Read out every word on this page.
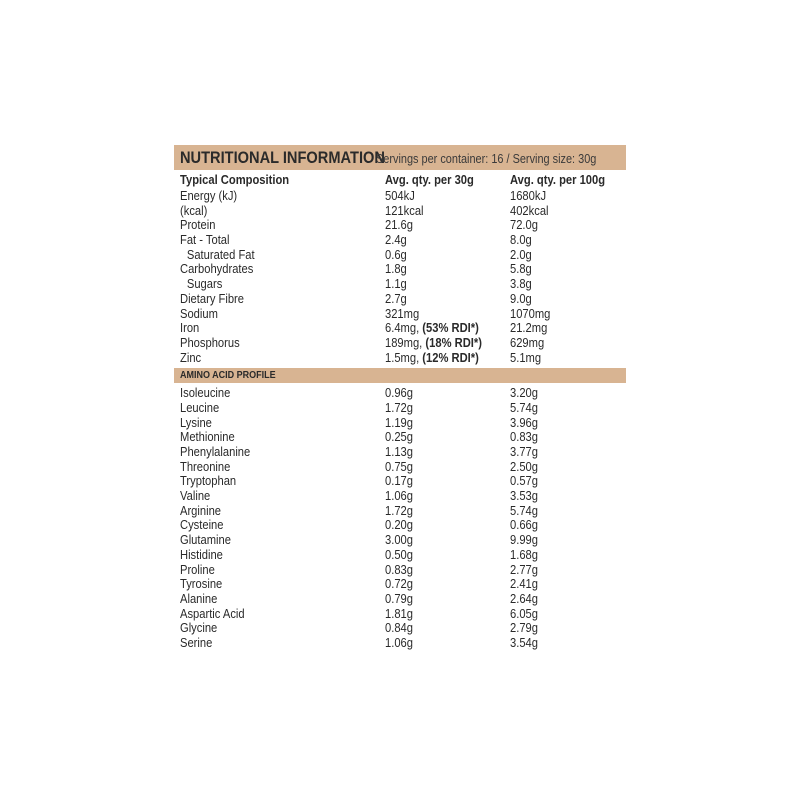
NUTRITIONAL INFORMATION
Servings per container: 16 / Serving size: 30g
Typical Composition	Avg. qty. per 30g	Avg. qty. per 100g
Energy (kJ)	504kJ	1680kJ
(kcal)	121kcal	402kcal
Protein	21.6g	72.0g
Fat - Total	2.4g	8.0g
Saturated Fat	0.6g	2.0g
Carbohydrates	1.8g	5.8g
Sugars	1.1g	3.8g
Dietary Fibre	2.7g	9.0g
Sodium	321mg	1070mg
Iron	6.4mg, (53% RDI*)	21.2mg
Phosphorus	189mg, (18% RDI*)	629mg
Zinc	1.5mg, (12% RDI*)	5.1mg
AMINO ACID PROFILE
Isoleucine	0.96g	3.20g
Leucine	1.72g	5.74g
Lysine	1.19g	3.96g
Methionine	0.25g	0.83g
Phenylalanine	1.13g	3.77g
Threonine	0.75g	2.50g
Tryptophan	0.17g	0.57g
Valine	1.06g	3.53g
Arginine	1.72g	5.74g
Cysteine	0.20g	0.66g
Glutamine	3.00g	9.99g
Histidine	0.50g	1.68g
Proline	0.83g	2.77g
Tyrosine	0.72g	2.41g
Alanine	0.79g	2.64g
Aspartic Acid	1.81g	6.05g
Glycine	0.84g	2.79g
Serine	1.06g	3.54g
